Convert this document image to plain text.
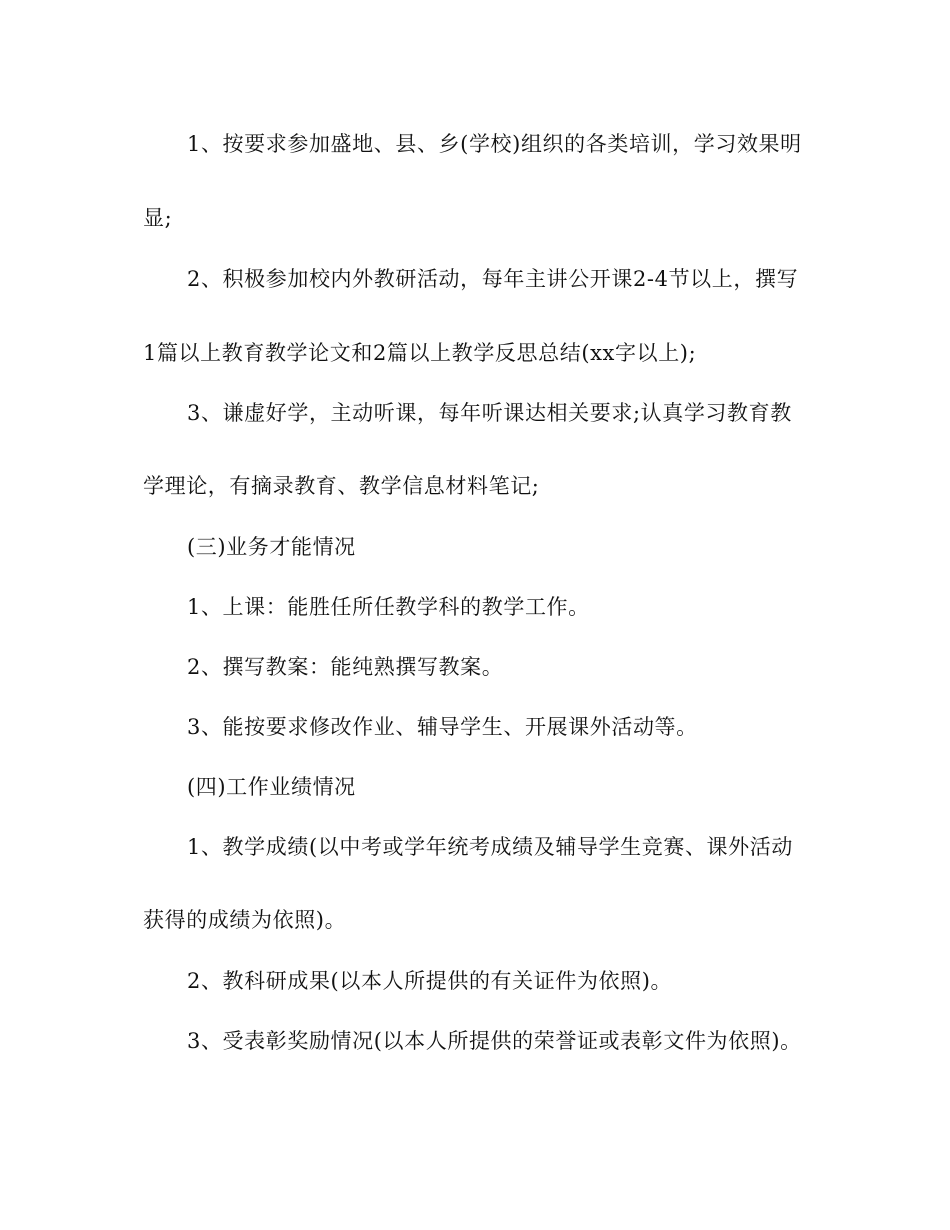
1、按要求参加盛地、县、乡(学校)组织的各类培训，学习效果明
显;
2、积极参加校内外教研活动，每年主讲公开课2-4节以上，撰写
1篇以上教育教学论文和2篇以上教学反思总结(xx字以上);
3、谦虚好学，主动听课，每年听课达相关要求;认真学习教育教
学理论，有摘录教育、教学信息材料笔记;
(三)业务才能情况
1、上课：能胜任所任教学科的教学工作。
2、撰写教案：能纯熟撰写教案。
3、能按要求修改作业、辅导学生、开展课外活动等。
(四)工作业绩情况
1、教学成绩(以中考或学年统考成绩及辅导学生竞赛、课外活动
获得的成绩为依照)。
2、教科研成果(以本人所提供的有关证件为依照)。
3、受表彰奖励情况(以本人所提供的荣誉证或表彰文件为依照)。
